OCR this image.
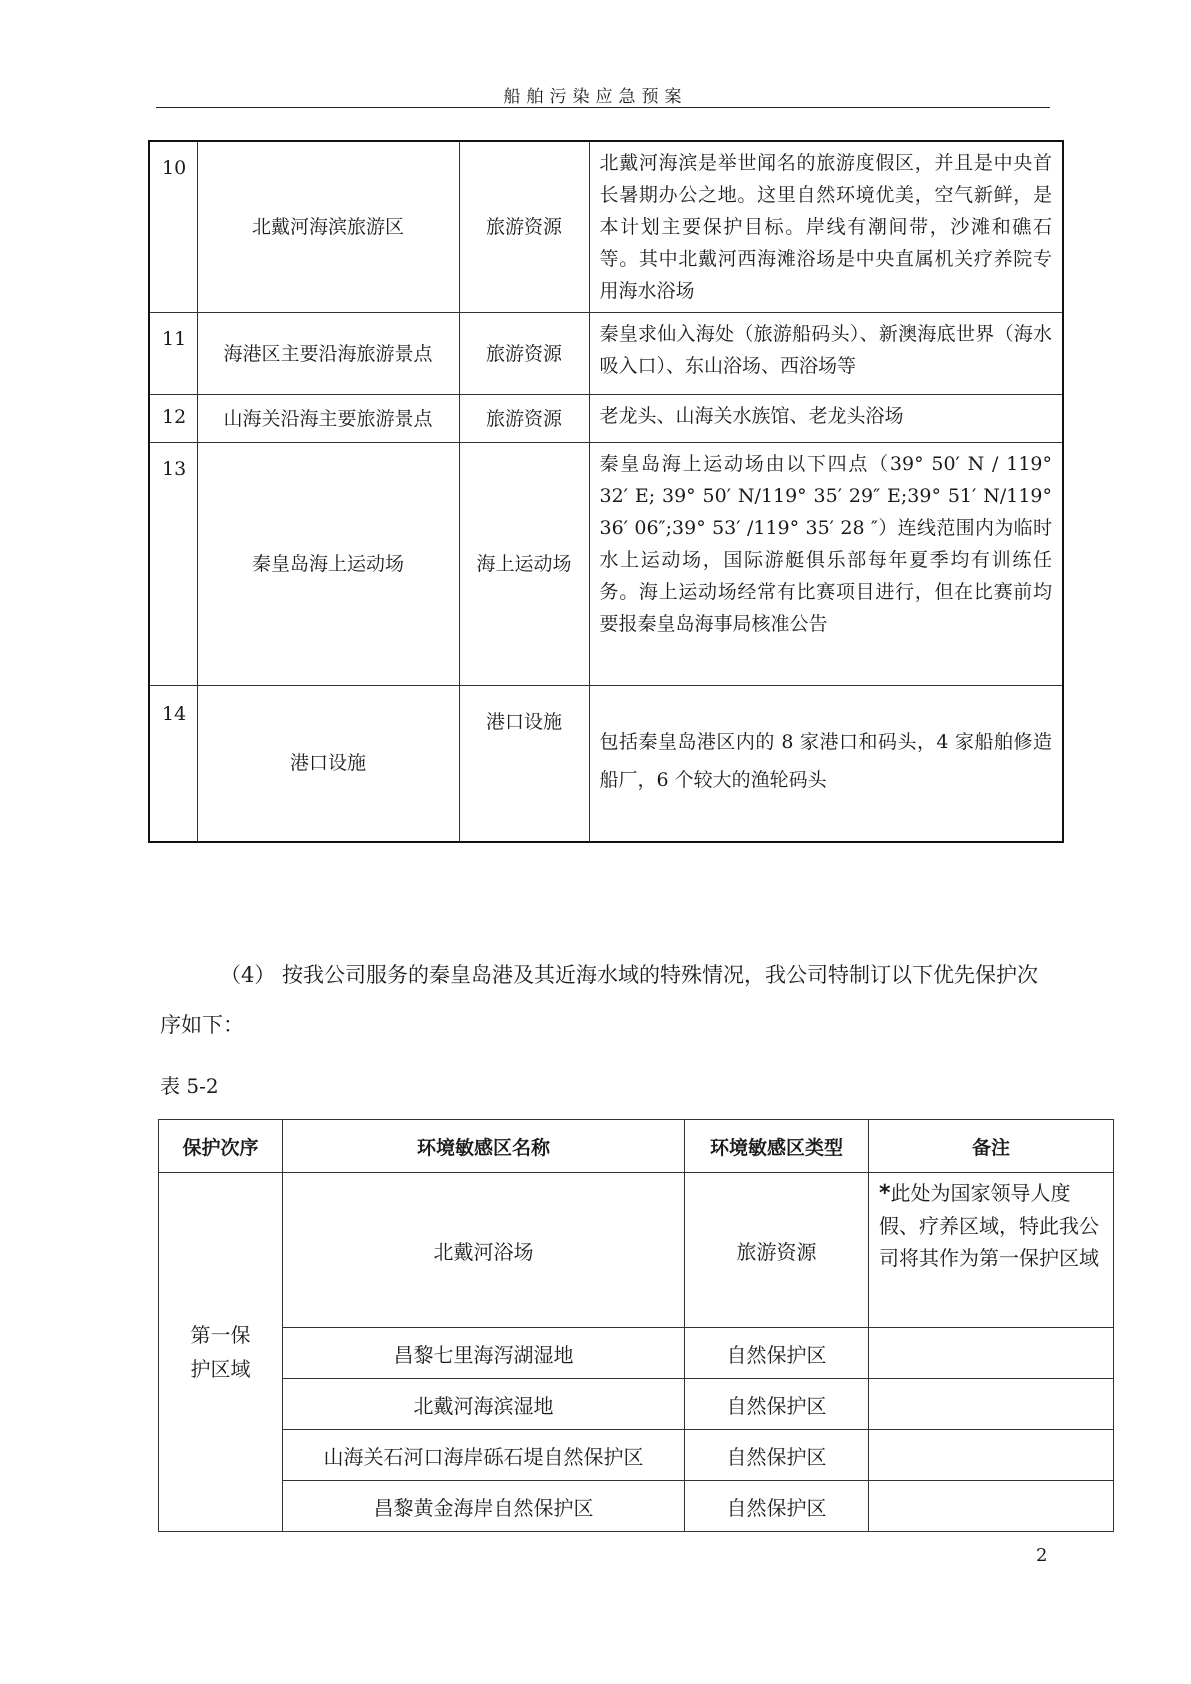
船舶污染应急预案
10	北戴河海滨旅游区	旅游资源	北戴河海滨是举世闻名的旅游度假区，并且是中央首长暑期办公之地。这里自然环境优美，空气新鲜，是本计划主要保护目标。岸线有潮间带，沙滩和礁石等。其中北戴河西海滩浴场是中央直属机关疗养院专用海水浴场
11	海港区主要沿海旅游景点	旅游资源	秦皇求仙入海处（旅游船码头）、新澳海底世界（海水吸入口）、东山浴场、西浴场等
12	山海关沿海主要旅游景点	旅游资源	老龙头、山海关水族馆、老龙头浴场
13	秦皇岛海上运动场	海上运动场	秦皇岛海上运动场由以下四点（39° 50′ N / 119° 32′ E; 39° 50′ N/119° 35′ 29″ E;39° 51′ N/119° 36′ 06″;39° 53′ /119° 35′ 28 ″）连线范围内为临时水上运动场，国际游艇俱乐部每年夏季均有训练任务。海上运动场经常有比赛项目进行，但在比赛前均要报秦皇岛海事局核准公告
14	港口设施	港口设施	包括秦皇岛港区内的 8 家港口和码头，4 家船舶修造船厂，6 个较大的渔轮码头
（4） 按我公司服务的秦皇岛港及其近海水域的特殊情况，我公司特制订以下优先保护次序如下：
表 5-2
保护次序	环境敏感区名称	环境敏感区类型	备注
第一保护区域	北戴河浴场	旅游资源	*此处为国家领导人度假、疗养区域，特此我公司将其作为第一保护区域
	昌黎七里海泻湖湿地	自然保护区	
	北戴河海滨湿地	自然保护区	
	山海关石河口海岸砾石堤自然保护区	自然保护区	
	昌黎黄金海岸自然保护区	自然保护区	
2
